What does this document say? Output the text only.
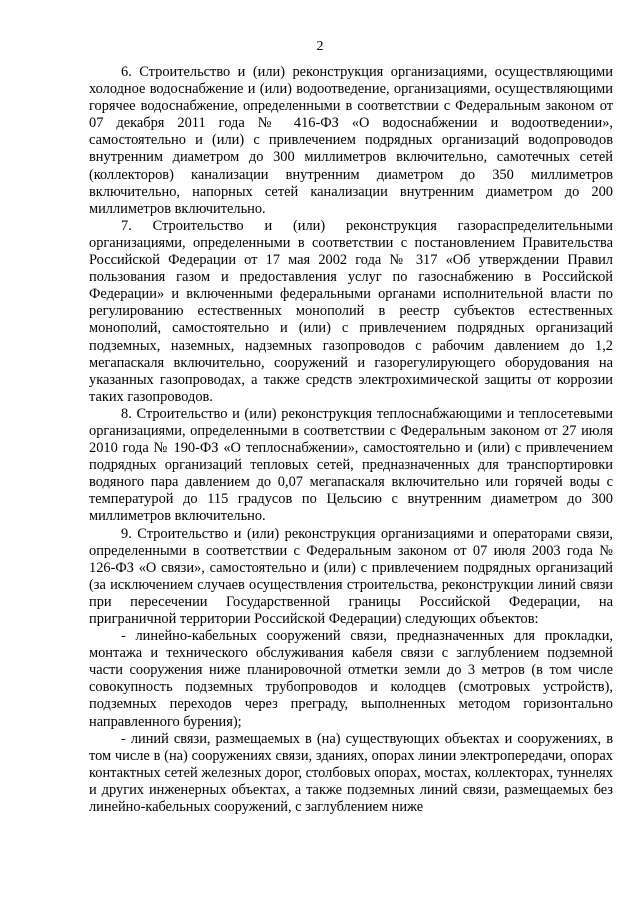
2

6. Строительство и (или) реконструкция организациями, осуществляющими холодное водоснабжение и (или) водоотведение, организациями, осуществляющими горячее водоснабжение, определенными в соответствии с Федеральным законом от 07 декабря 2011 года № 416-ФЗ «О водоснабжении и водоотведении», самостоятельно и (или) с привлечением подрядных организаций водопроводов внутренним диаметром до 300 миллиметров включительно, самотечных сетей (коллекторов) канализации внутренним диаметром до 350 миллиметров включительно, напорных сетей канализации внутренним диаметром до 200 миллиметров включительно.

7. Строительство и (или) реконструкция газораспределительными организациями, определенными в соответствии с постановлением Правительства Российской Федерации от 17 мая 2002 года № 317 «Об утверждении Правил пользования газом и предоставления услуг по газоснабжению в Российской Федерации» и включенными федеральными органами исполнительной власти по регулированию естественных монополий в реестр субъектов естественных монополий, самостоятельно и (или) с привлечением подрядных организаций подземных, наземных, надземных газопроводов с рабочим давлением до 1,2 мегапаскаля включительно, сооружений и газорегулирующего оборудования на указанных газопроводах, а также средств электрохимической защиты от коррозии таких газопроводов.

8. Строительство и (или) реконструкция теплоснабжающими и теплосетевыми организациями, определенными в соответствии с Федеральным законом от 27 июля 2010 года № 190-ФЗ «О теплоснабжении», самостоятельно и (или) с привлечением подрядных организаций тепловых сетей, предназначенных для транспортировки водяного пара давлением до 0,07 мегапаскаля включительно или горячей воды с температурой до 115 градусов по Цельсию с внутренним диаметром до 300 миллиметров включительно.

9. Строительство и (или) реконструкция организациями и операторами связи, определенными в соответствии с Федеральным законом от 07 июля 2003 года № 126-ФЗ «О связи», самостоятельно и (или) с привлечением подрядных организаций (за исключением случаев осуществления строительства, реконструкции линий связи при пересечении Государственной границы Российской Федерации, на приграничной территории Российской Федерации) следующих объектов:

- линейно-кабельных сооружений связи, предназначенных для прокладки, монтажа и технического обслуживания кабеля связи с заглублением подземной части сооружения ниже планировочной отметки земли до 3 метров (в том числе совокупность подземных трубопроводов и колодцев (смотровых устройств), подземных переходов через преграду, выполненных методом горизонтально направленного бурения);

- линий связи, размещаемых в (на) существующих объектах и сооружениях, в том числе в (на) сооружениях связи, зданиях, опорах линии электропередачи, опорах контактных сетей железных дорог, столбовых опорах, мостах, коллекторах, туннелях и других инженерных объектах, а также подземных линий связи, размещаемых без линейно-кабельных сооружений, с заглублением ниже
